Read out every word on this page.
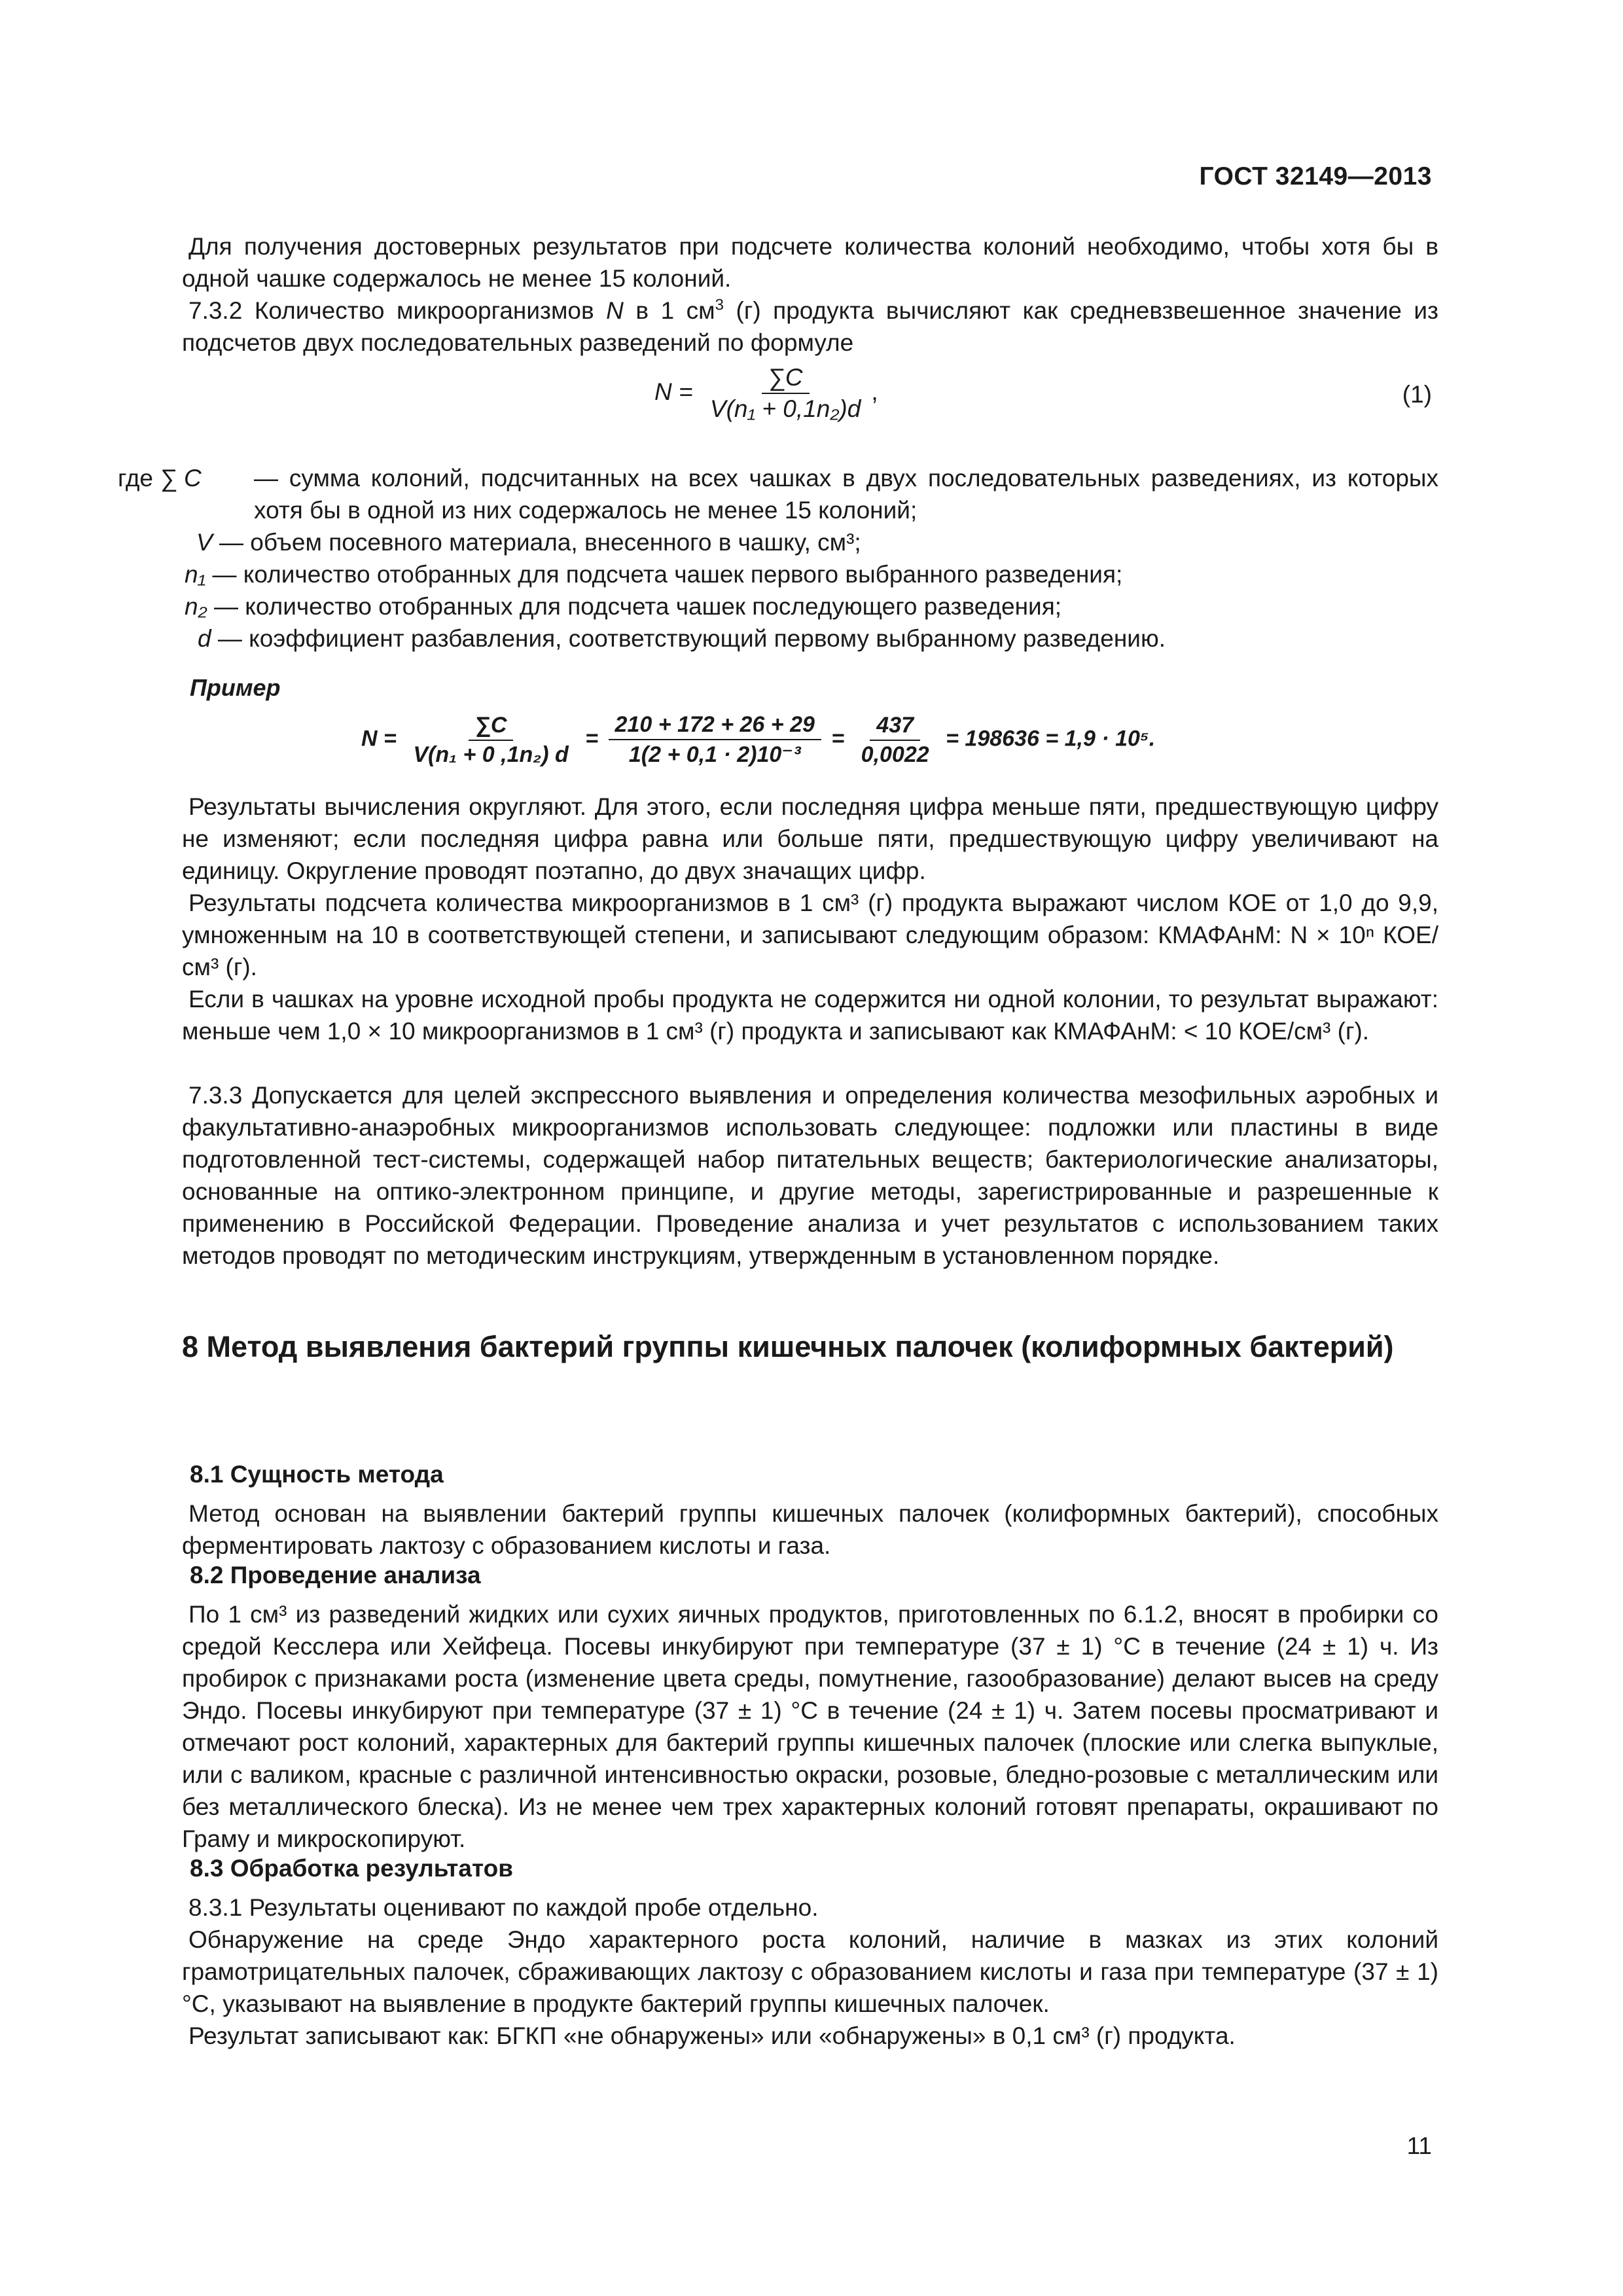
ГОСТ 32149—2013
Для получения достоверных результатов при подсчете количества колоний необходимо, чтобы хотя бы в одной чашке содержалось не менее 15 колоний.
7.3.2 Количество микроорганизмов N в 1 $см^3$ (г) продукта вычисляют как средневзвешенное значение из подсчетов двух последовательных разведений по формуле
$N = \frac{\sum C}{\text{V(n₁ + 0,1n₂)d}}$ ,	(1)
где ∑ C — сумма колоний, подсчитанных на всех чашках в двух последовательных разведениях, из которых хотя бы в одной из них содержалось не менее 15 колоний;
V — объем посевного материала, внесенного в чашку, см³;
n₁ — количество отобранных для подсчета чашек первого выбранного разведения;
n₂ — количество отобранных для подсчета чашек последующего разведения;
d — коэффициент разбавления, соответствующий первому выбранному разведению.
Пример
$N = \frac{\sum C}{\text{V(n₁ + 0 ,1n₂) d}} = \frac{210 + 172 + 26 + 29}{\text{1(2 + 0,1 · 2)10⁻³}} = \frac{437}{0,0022} = 198636 = 1,9 \cdot 10^5$.
Результаты вычисления округляют. Для этого, если последняя цифра меньше пяти, предшествующую цифру не изменяют; если последняя цифра равна или больше пяти, предшествующую цифру увеличивают на единицу. Округление проводят поэтапно, до двух значащих цифр.
Результаты подсчета количества микроорганизмов в 1 см³ (г) продукта выражают числом КОЕ от 1,0 до 9,9, умноженным на 10 в соответствующей степени, и записывают следующим образом: КМАФАнМ: N × 10ⁿ КОЕ/см³ (г).
Если в чашках на уровне исходной пробы продукта не содержится ни одной колонии, то результат выражают: меньше чем 1,0 × 10 микроорганизмов в 1 см³ (г) продукта и записывают как КМАФАнМ: < 10 КОЕ/см³ (г).
7.3.3 Допускается для целей экспрессного выявления и определения количества мезофильных аэробных и факультативно-анаэробных микроорганизмов использовать следующее: подложки или пластины в виде подготовленной тест-системы, содержащей набор питательных веществ; бактериологические анализаторы, основанные на оптико-электронном принципе, и другие методы, зарегистрированные и разрешенные к применению в Российской Федерации. Проведение анализа и учет результатов с использованием таких методов проводят по методическим инструкциям, утвержденным в установленном порядке.
8 Метод выявления бактерий группы кишечных палочек (колиформных бактерий)
8.1 Сущность метода
Метод основан на выявлении бактерий группы кишечных палочек (колиформных бактерий), способных ферментировать лактозу с образованием кислоты и газа.
8.2 Проведение анализа
По 1 см³ из разведений жидких или сухих яичных продуктов, приготовленных по 6.1.2, вносят в пробирки со средой Кесслера или Хейфеца. Посевы инкубируют при температуре (37 ± 1) °С в течение (24 ± 1) ч. Из пробирок с признаками роста (изменение цвета среды, помутнение, газообразование) делают высев на среду Эндо. Посевы инкубируют при температуре (37 ± 1) °С в течение (24 ± 1) ч. Затем посевы просматривают и отмечают рост колоний, характерных для бактерий группы кишечных палочек (плоские или слегка выпуклые, или с валиком, красные с различной интенсивностью окраски, розовые, бледно-розовые с металлическим или без металлического блеска). Из не менее чем трех характерных колоний готовят препараты, окрашивают по Граму и микроскопируют.
8.3 Обработка результатов
8.3.1 Результаты оценивают по каждой пробе отдельно.
Обнаружение на среде Эндо характерного роста колоний, наличие в мазках из этих колоний грамотрицательных палочек, сбраживающих лактозу с образованием кислоты и газа при температуре (37 ± 1) °С, указывают на выявление в продукте бактерий группы кишечных палочек.
Результат записывают как: БГКП «не обнаружены» или «обнаружены» в 0,1 см³ (г) продукта.
11
